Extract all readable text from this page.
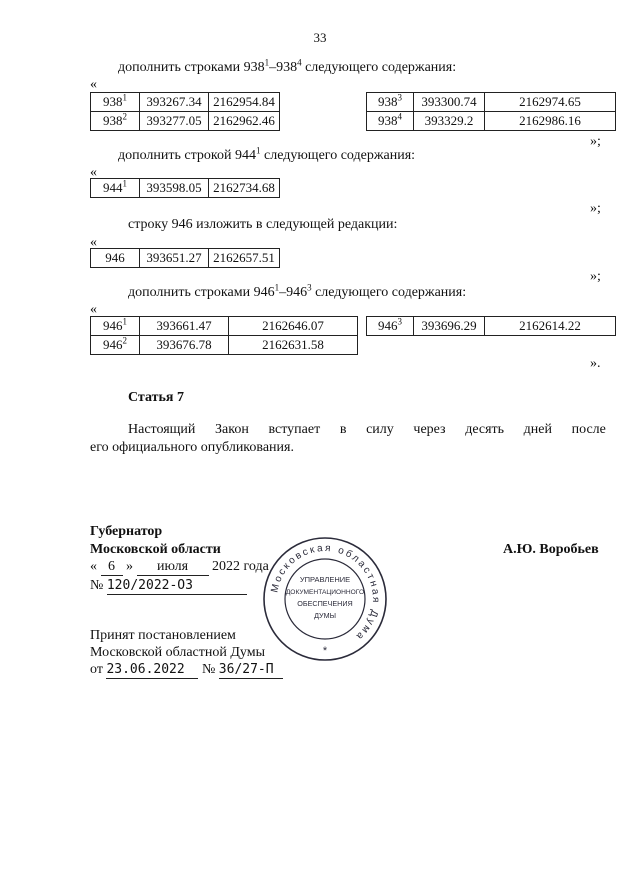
33
дополнить строками $938^1-938^4$ следующего содержания:
«
$938^1$	393267.34	2162954.84
$938^2$	393277.05	2162962.46
$938^3$	393300.74	2162974.65
$938^4$	393329.2	2162986.16
»;
дополнить строкой $944^1$ следующего содержания:
«
$944^1$	393598.05	2162734.68
»;
строку 946 изложить в следующей редакции:
«
946	393651.27	2162657.51
»;
дополнить строками $946^1-946^3$ следующего содержания:
«
$946^1$	393661.47	2162646.07
$946^2$	393676.78	2162631.58
$946^3$	393696.29	2162614.22
».
Статья 7
Настоящий Закон вступает в силу через десять дней после
его официального опубликования.
Губернатор
Московской области	А.Ю. Воробьев
« 6 » июля 2022 года
№ 120/2022-ОЗ
Принят постановлением
Московской областной Думы
от 23.06.2022 № 36/27-П
Московская областная Дума
УПРАВЛЕНИЕ
ДОКУМЕНТАЦИОННОГО
ОБЕСПЕЧЕНИЯ
ДУМЫ
*
